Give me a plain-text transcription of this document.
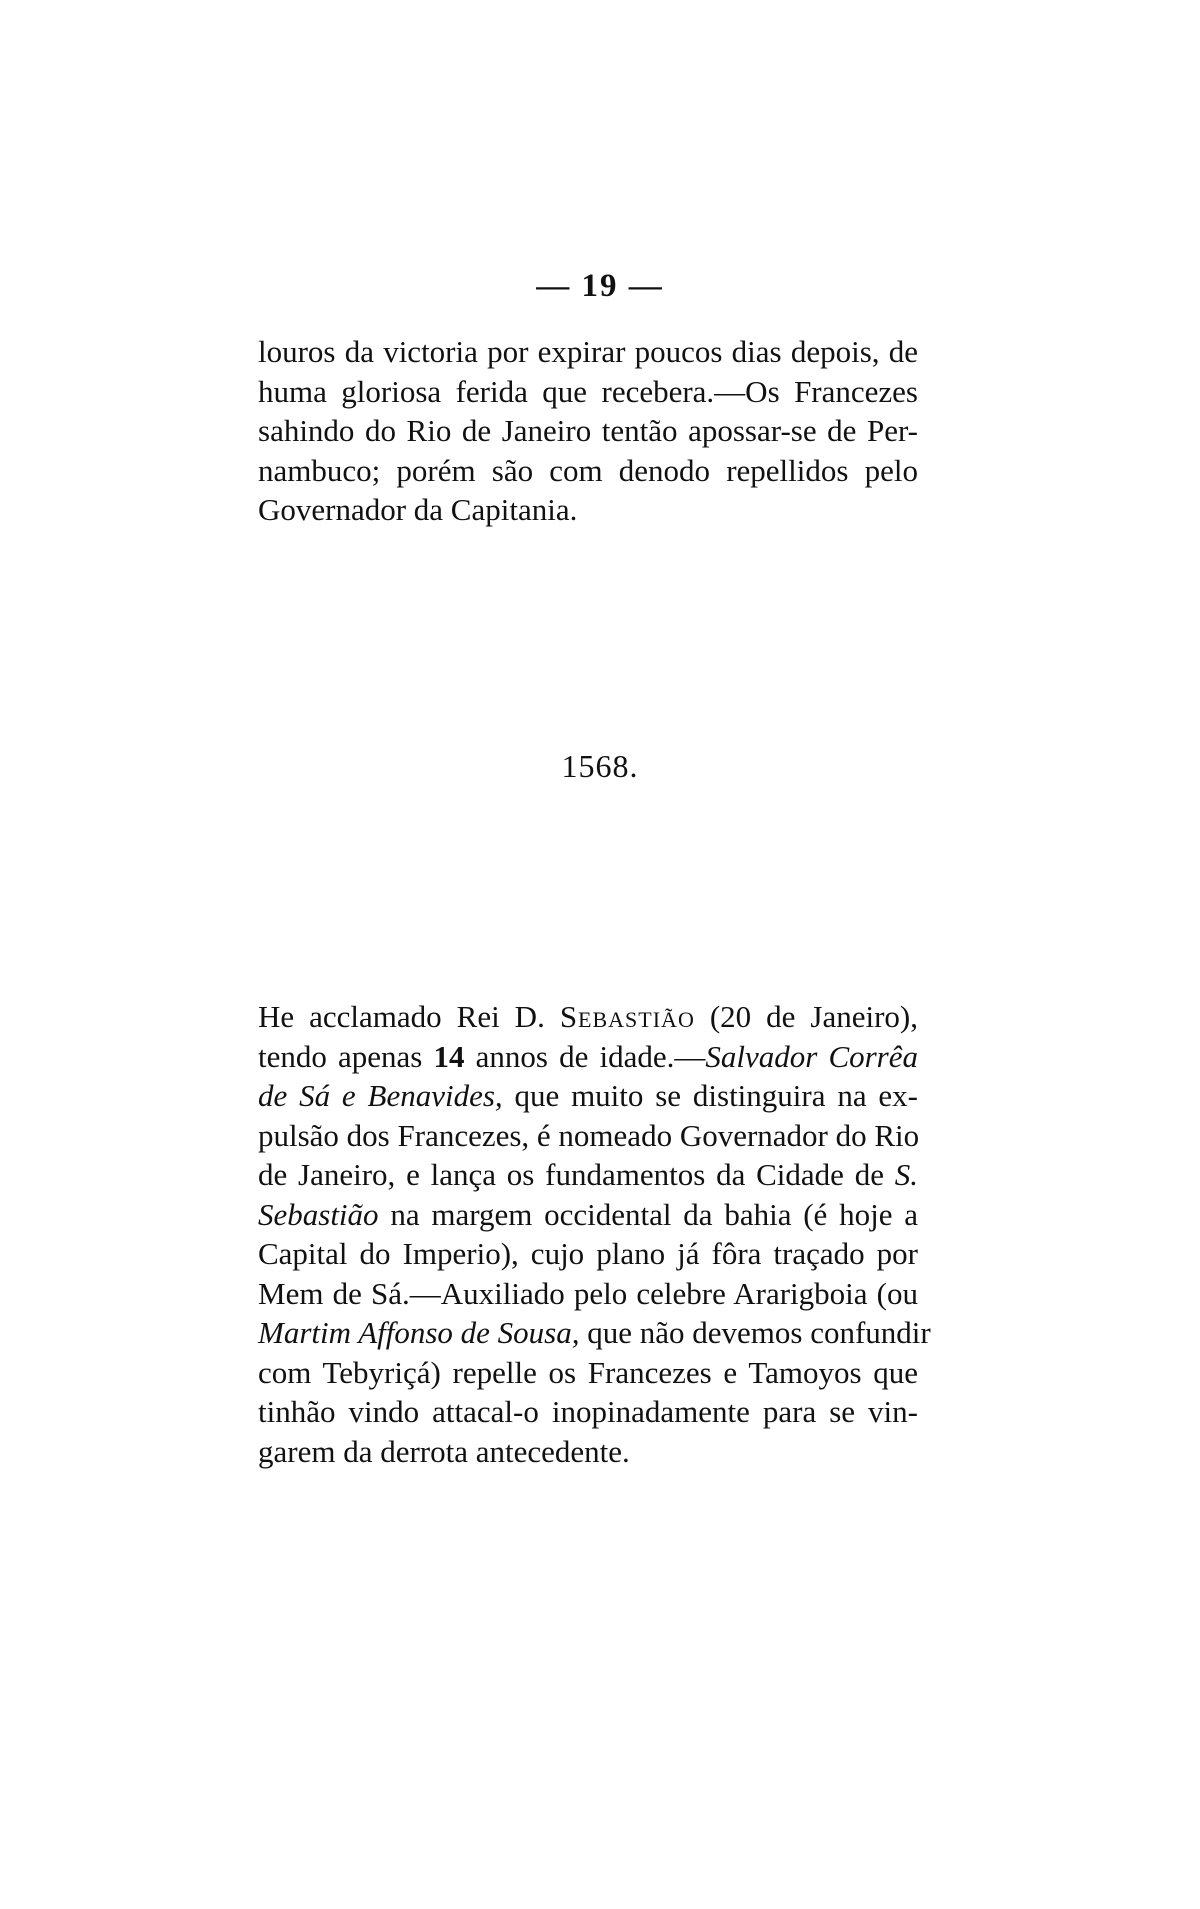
— 19 —
louros da victoria por expirar poucos dias depois, de
huma gloriosa ferida que recebera.—Os Francezes
sahindo do Rio de Janeiro tentão apossar-se de Per-
nambuco; porém são com denodo repellidos pelo
Governador da Capitania.
1568.
He acclamado Rei D. Sebastião (20 de Janeiro),
tendo apenas 14 annos de idade.—Salvador Corrêa
de Sá e Benavides, que muito se distinguira na ex-
pulsão dos Francezes, é nomeado Governador do Rio
de Janeiro, e lança os fundamentos da Cidade de S.
Sebastião na margem occidental da bahia (é hoje a
Capital do Imperio), cujo plano já fôra traçado por
Mem de Sá.—Auxiliado pelo celebre Ararigboia (ou
Martim Affonso de Sousa, que não devemos confundir
com Tebyriçá) repelle os Francezes e Tamoyos que
tinhão vindo attacal-o inopinadamente para se vin-
garem da derrota antecedente.
